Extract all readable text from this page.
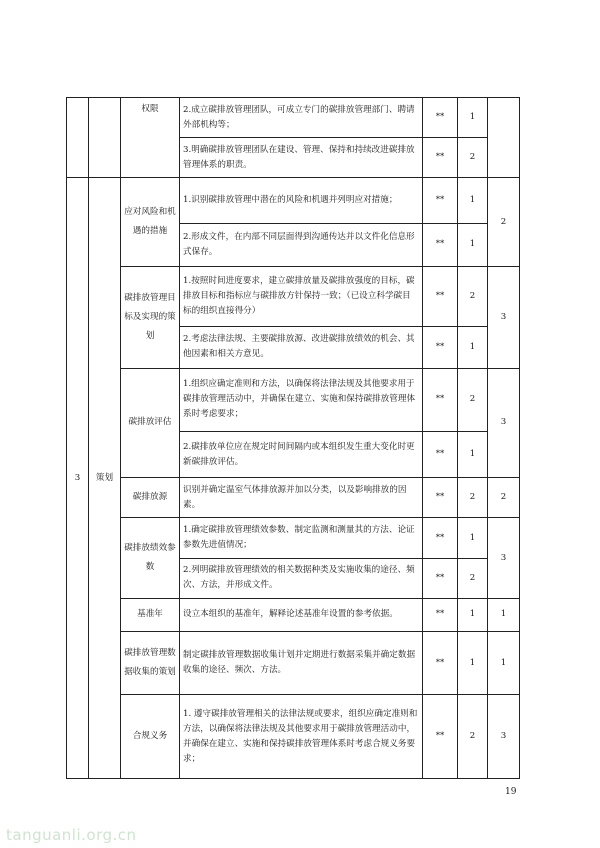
		权限	2.成立碳排放管理团队，可成立专门的碳排放管理部门、聘请外部机构等；	**	1	
			3.明确碳排放管理团队在建设、管理、保持和持续改进碳排放管理体系的职责。	**	2	
3	策划	应对风险和机遇的措施	1.识别碳排放管理中潜在的风险和机遇并列明应对措施；	**	1	2
			2.形成文件，在内部不同层面得到沟通传达并以文件化信息形式保存。	**	1	
		碳排放管理目标及实现的策划	1.按照时间进度要求，建立碳排放量及碳排放强度的目标，碳排放目标和指标应与碳排放方针保持一致；（已设立科学碳目标的组织直接得分）	**	2	3
			2.考虑法律法规、主要碳排放源、改进碳排放绩效的机会、其他因素和相关方意见。	**	1	
		碳排放评估	1.组织应确定准则和方法，以确保将法律法规及其他要求用于碳排放管理活动中，并确保在建立、实施和保持碳排放管理体系时考虑要求；	**	2	3
			2.碳排放单位应在规定时间间隔内或本组织发生重大变化时更新碳排放评估。	**	1	
		碳排放源	识别并确定温室气体排放源并加以分类，以及影响排放的因素。	**	2	2
		碳排放绩效参数	1.确定碳排放管理绩效参数、制定监测和测量其的方法、论证参数先进值情况；	**	1	3
			2.列明碳排放管理绩效的相关数据种类及实施收集的途径、频次、方法，并形成文件。	**	2	
		基准年	设立本组织的基准年，解释论述基准年设置的参考依据。	**	1	1
		碳排放管理数据收集的策划	制定碳排放管理数据收集计划并定期进行数据采集并确定数据收集的途径、频次、方法。	**	1	1
		合规义务	1. 遵守碳排放管理相关的法律法规或要求，组织应确定准则和方法，以确保将法律法规及其他要求用于碳排放管理活动中，并确保在建立、实施和保持碳排放管理体系时考虑合规义务要求；	**	2	3
19
tanguanli.org.cn
